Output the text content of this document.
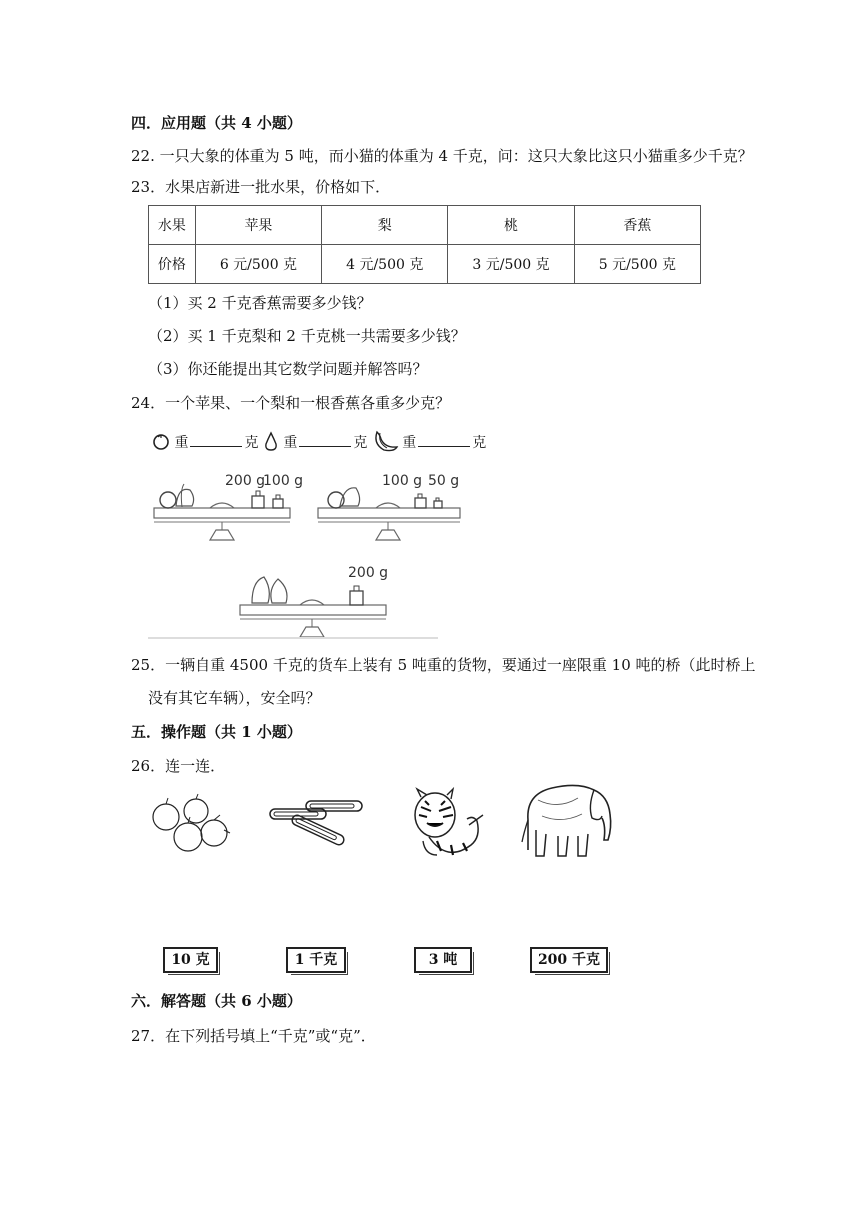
四．应用题（共 4 小题）
22. 一只大象的体重为 5 吨，而小猫的体重为 4 千克，问：这只大象比这只小猫重多少千克？
23．水果店新进一批水果，价格如下．
水果	苹果	梨	桃	香蕉
价格	6 元/500 克	4 元/500 克	3 元/500 克	5 元/500 克
（1）买 2 千克香蕉需要多少钱？
（2）买 1 千克梨和 2 千克桃一共需要多少钱？
（3）你还能提出其它数学问题并解答吗？
24．一个苹果、一个梨和一根香蕉各重多少克？
重	克 重	克 重	克
200 g
100 g	100 g 50 g
200 g
25．一辆自重 4500 千克的货车上装有 5 吨重的货物，要通过一座限重 10 吨的桥（此时桥上
没有其它车辆），安全吗？
五．操作题（共 1 小题）
26．连一连．
10 克	1 千克	3 吨	200 千克
六．解答题（共 6 小题）
27．在下列括号填上“千克”或“克”．
